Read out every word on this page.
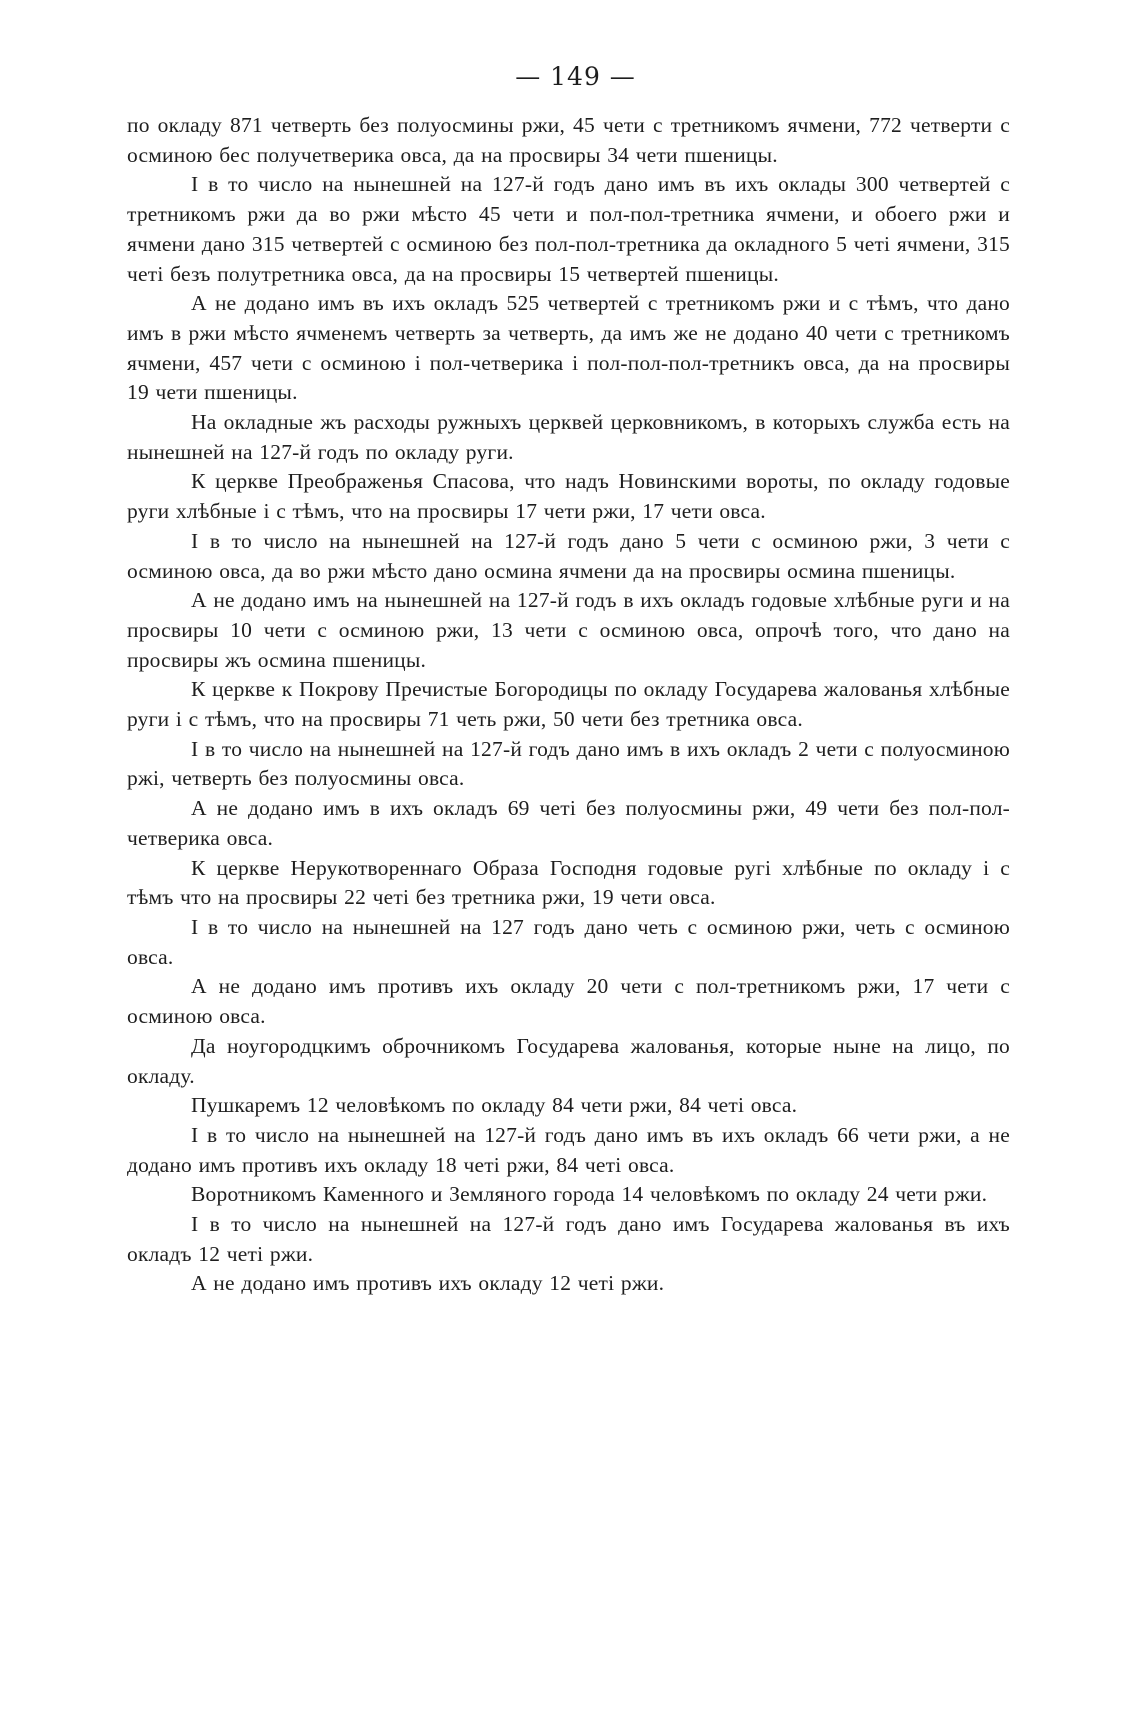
— 149 —

по окладу 871 четверть без полуосмины ржи, 45 чети с третникомъ ячмени, 772 четверти с осминою бес получетверика овса, да на просвиры 34 чети пшеницы.

I в то число на нынешней на 127-й годъ дано имъ въ ихъ оклады 300 четвертей с третникомъ ржи да во ржи мѣсто 45 чети и пол-пол-третника ячмени, и обоего ржи и ячмени дано 315 четвертей с осминою без пол-пол-третника да окладного 5 четі ячмени, 315 четі безъ полутретника овса, да на просвиры 15 четвертей пшеницы.

А не додано имъ въ ихъ окладъ 525 четвертей с третникомъ ржи и с тѣмъ, что дано имъ в ржи мѣсто ячменемъ четверть за четверть, да имъ же не додано 40 чети с третникомъ ячмени, 457 чети с осминою і пол-четверика і пол-пол-пол-третникъ овса, да на просвиры 19 чети пшеницы.

На окладные жъ расходы ружныхъ церквей церковникомъ, в которыхъ служба есть на нынешней на 127-й годъ по окладу руги.

К церкве Преображенья Спасова, что надъ Новинскими вороты, по окладу годовые руги хлѣбные і с тѣмъ, что на просвиры 17 чети ржи, 17 чети овса.

I в то число на нынешней на 127-й годъ дано 5 чети с осминою ржи, 3 чети с осминою овса, да во ржи мѣсто дано осмина ячмени да на просвиры осмина пшеницы.

А не додано имъ на нынешней на 127-й годъ в ихъ окладъ годовые хлѣбные руги и на просвиры 10 чети с осминою ржи, 13 чети с осминою овса, опрочѣ того, что дано на просвиры жъ осмина пшеницы.

К церкве к Покрову Пречистые Богородицы по окладу Государева жалованья хлѣбные руги і с тѣмъ, что на просвиры 71 четь ржи, 50 чети без третника овса.

I в то число на нынешней на 127-й годъ дано имъ в ихъ окладъ 2 чети с полуосминою ржі, четверть без полуосмины овса.

А не додано имъ в ихъ окладъ 69 четі без полуосмины ржи, 49 чети без пол-пол-четверика овса.

К церкве Нерукотвореннаго Образа Господня годовые ругі хлѣбные по окладу і с тѣмъ что на просвиры 22 четі без третника ржи, 19 чети овса.

I в то число на нынешней на 127 годъ дано четь с осминою ржи, четь с осминою овса.

А не додано имъ противъ ихъ окладу 20 чети с пол-третникомъ ржи, 17 чети с осминою овса.

Да ноугородцкимъ оброчникомъ Государева жалованья, которые ныне на лицо, по окладу.

Пушкаремъ 12 человѣкомъ по окладу 84 чети ржи, 84 четі овса.

I в то число на нынешней на 127-й годъ дано имъ въ ихъ окладъ 66 чети ржи, а не додано имъ противъ ихъ окладу 18 четі ржи, 84 четі овса.

Воротникомъ Каменного и Земляного города 14 человѣкомъ по окладу 24 чети ржи.

I в то число на нынешней на 127-й годъ дано имъ Государева жалованья въ ихъ окладъ 12 четі ржи.

А не додано имъ противъ ихъ окладу 12 четі ржи.
